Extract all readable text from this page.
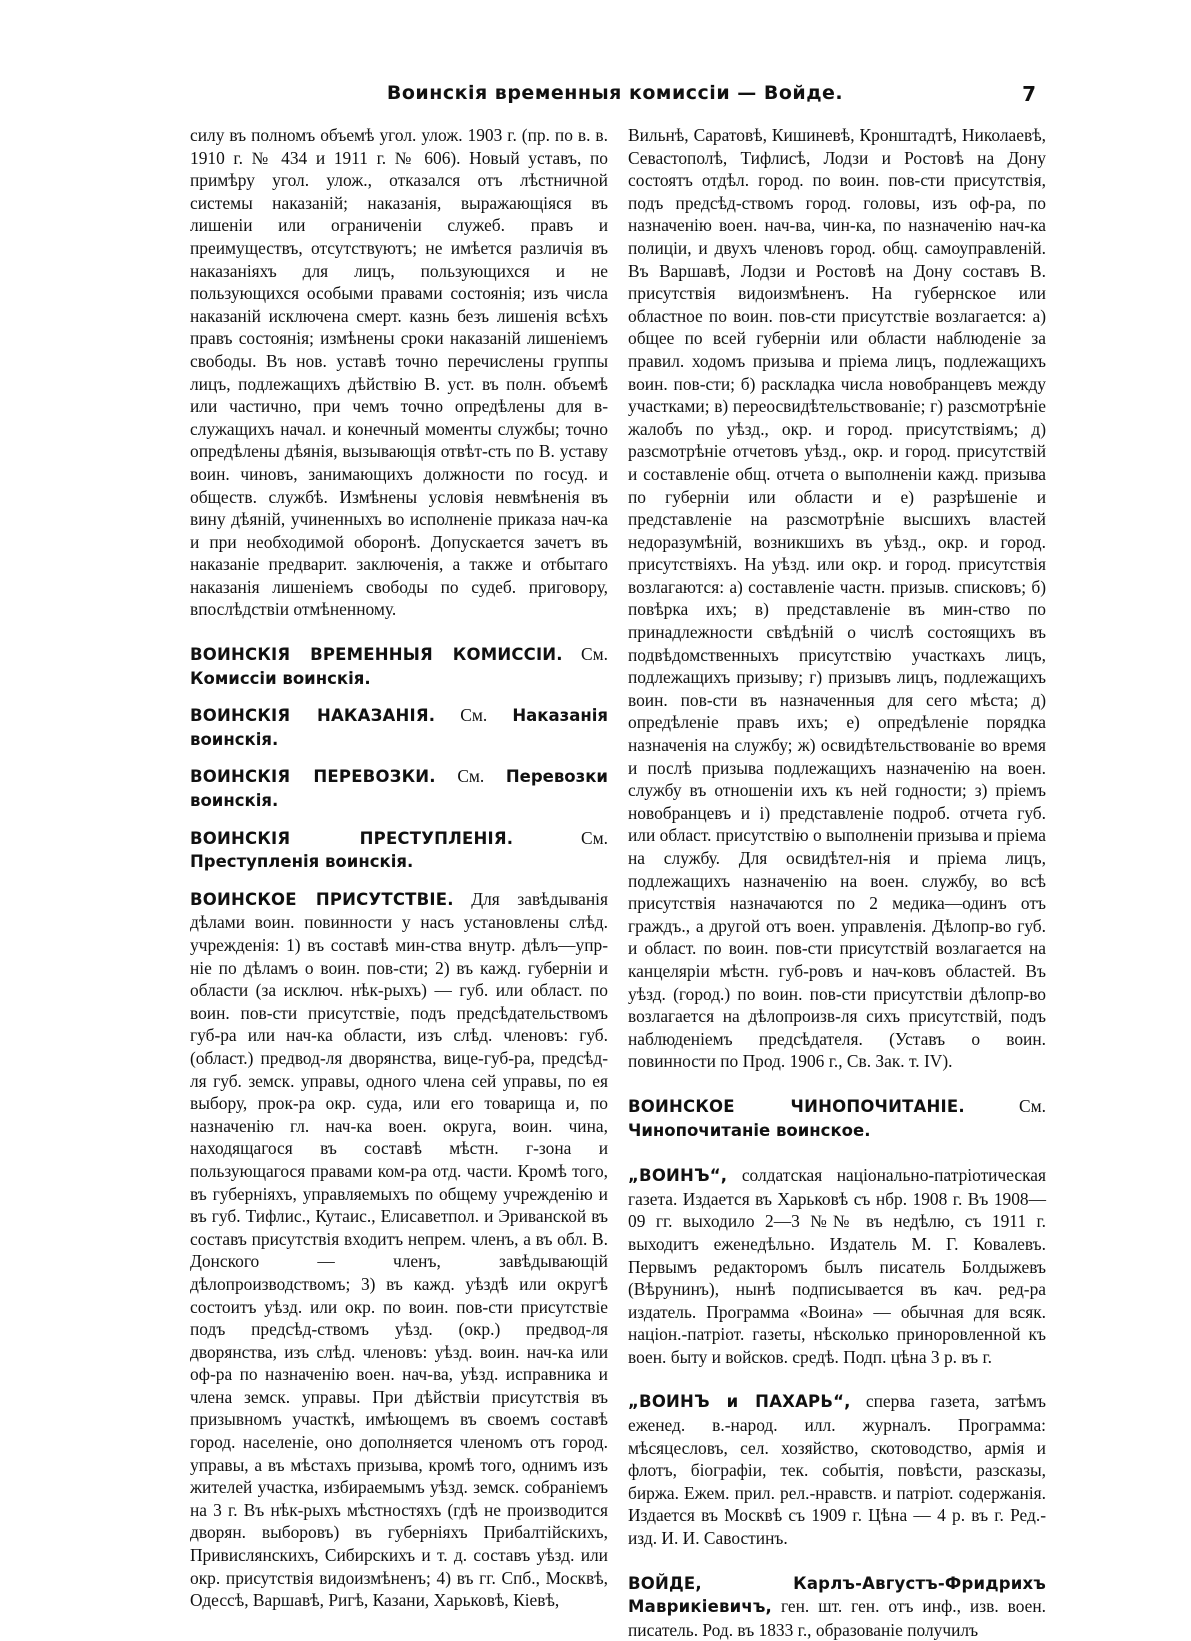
Воинскія временныя комиссіи — Войде.	7

силу въ полномъ объемѣ угол. улож. 1903 г. (пр. по в. в. 1910 г. № 434 и 1911 г. № 606). Новый уставъ, по примѣру угол. улож., отказался отъ лѣстничной системы наказаній; наказанія, выражающіяся въ лишеніи или ограниченіи служеб. правъ и преимуществъ, отсутствуютъ; не имѣется различія въ наказаніяхъ для лицъ, пользующихся и не пользующихся особыми правами состоянія; изъ числа наказаній исключена смерт. казнь безъ лишенія всѣхъ правъ состоянія; измѣнены сроки наказаній лишеніемъ свободы. Въ нов. уставѣ точно перечислены группы лицъ, подлежащихъ дѣйствію В. уст. въ полн. объемѣ или частично, при чемъ точно опредѣлены для в-служащихъ начал. и конечный моменты службы; точно опредѣлены дѣянія, вызывающія отвѣт-сть по В. уставу воин. чиновъ, занимающихъ должности по госуд. и обществ. службѣ. Измѣнены условія невмѣненія въ вину дѣяній, учиненныхъ во исполненіе приказа нач-ка и при необходимой оборонѣ. Допускается зачетъ въ наказаніе предварит. заключенія, а также и отбытаго наказанія лишеніемъ свободы по судеб. приговору, впослѣдствіи отмѣненному.

ВОИНСКІЯ ВРЕМЕННЫЯ КОМИССІИ. См. Комиссіи воинскія.

ВОИНСКІЯ НАКАЗАНІЯ. См. Наказанія воинскія.

ВОИНСКІЯ ПЕРЕВОЗКИ. См. Перевозки воинскія.

ВОИНСКІЯ ПРЕСТУПЛЕНІЯ.	См. Преступленія воинскія.

ВОИНСКОЕ ПРИСУТСТВІЕ. Для завѣдыванія дѣлами воин. повинности у насъ установлены слѣд. учрежденія: 1) въ составѣ мин-ства внутр. дѣлъ—упр-ніе по дѣламъ о воин. пов-сти; 2) въ кажд. губерніи и области (за исключ. нѣк-рыхъ) — губ. или област. по воин. пов-сти присутствіе, подъ предсѣдательствомъ губ-ра или нач-ка области, изъ слѣд. членовъ: губ. (област.) предвод-ля дворянства, вице-губ-ра, предсѣд-ля губ. земск. управы, одного члена сей управы, по ея выбору, прок-ра окр. суда, или его товарища и, по назначенію гл. нач-ка воен. округа, воин. чина, находящагося въ составѣ мѣстн. г-зона и пользующагося правами ком-ра отд. части. Кромѣ того, въ губерніяхъ, управляемыхъ по общему учрежденію и въ губ. Тифлис., Кутаис., Елисаветпол. и Эриванской въ составъ присутствія входитъ непрем. членъ, а въ обл. В. Донского — членъ, завѣдывающій дѣлопроизводствомъ; 3) въ кажд. уѣздѣ или округѣ состоитъ уѣзд. или окр. по воин. пов-сти присутствіе подъ предсѣд-ствомъ уѣзд. (окр.) предвод-ля дворянства, изъ слѣд. членовъ: уѣзд. воин. нач-ка или оф-ра по назначенію воен. нач-ва, уѣзд. исправника и члена земск. управы. При дѣйствіи присутствія въ призывномъ участкѣ, имѣющемъ въ своемъ составѣ город. населеніе, оно дополняется членомъ отъ город. управы, а въ мѣстахъ призыва, кромѣ того, однимъ изъ жителей участка, избираемымъ уѣзд. земск. собраніемъ на 3 г. Въ нѣк-рыхъ мѣстностяхъ (гдѣ не производится дворян. выборовъ) въ губерніяхъ Прибалтійскихъ, Привислянскихъ, Сибирскихъ и т. д. составъ уѣзд. или окр. присутствія видоизмѣненъ; 4) въ гг. Спб., Москвѣ, Одессѣ, Варшавѣ, Ригѣ, Казани, Харьковѣ, Кіевѣ,

Вильнѣ, Саратовѣ, Кишиневѣ, Кронштадтѣ, Николаевѣ, Севастополѣ, Тифлисѣ, Лодзи и Ростовѣ на Дону состоятъ отдѣл. город. по воин. пов-сти присутствія, подъ предсѣд-ствомъ город. головы, изъ оф-ра, по назначенію воен. нач-ва, чин-ка, по назначенію нач-ка полиціи, и двухъ членовъ город. общ. самоуправленій. Въ Варшавѣ, Лодзи и Ростовѣ на Дону составъ В. присутствія видоизмѣненъ. На губернское или областное по воин. пов-сти присутствіе возлагается: а) общее по всей губерніи или области наблюденіе за правил. ходомъ призыва и пріема лицъ, подлежащихъ воин. пов-сти; б) раскладка числа новобранцевъ между участками; в) переосвидѣтельствованіе; г) разсмотрѣніе жалобъ по уѣзд., окр. и город. присутствіямъ; д) разсмотрѣніе отчетовъ уѣзд., окр. и город. присутствій и составленіе общ. отчета о выполненіи кажд. призыва по губерніи или области и е) разрѣшеніе и представленіе на разсмотрѣніе высшихъ властей недоразумѣній, возникшихъ въ уѣзд., окр. и город. присутствіяхъ. На уѣзд. или окр. и город. присутствія возлагаются: а) составленіе частн. призыв. списковъ; б) повѣрка ихъ; в) представленіе въ мин-ство по принадлежности свѣдѣній о числѣ состоящихъ въ подвѣдомственныхъ присутствію участкахъ лицъ, подлежащихъ призыву; г) призывъ лицъ, подлежащихъ воин. пов-сти въ назначенныя для сего мѣста; д) опредѣленіе правъ ихъ; е) опредѣленіе порядка назначенія на службу; ж) освидѣтельствованіе во время и послѣ призыва подлежащихъ назначенію на воен. службу въ отношеніи ихъ къ ней годности; з) пріемъ новобранцевъ и і) представленіе подроб. отчета губ. или област. присутствію о выполненіи призыва и пріема на службу. Для освидѣтел-нія и пріема лицъ, подлежащихъ назначенію на воен. службу, во всѣ присутствія назначаются по 2 медика—одинъ отъ граждъ., а другой отъ воен. управленія. Дѣлопр-во губ. и област. по воин. пов-сти присутствій возлагается на канцеляріи мѣстн. губ-ровъ и нач-ковъ областей. Въ уѣзд. (город.) по воин. пов-сти присутствіи дѣлопр-во возлагается на дѣлопроизв-ля сихъ присутствій, подъ наблюденіемъ предсѣдателя. (Уставъ о воин. повинности по Прод. 1906 г., Св. Зак. т. IV).

ВОИНСКОЕ ЧИНОПОЧИТАНІЕ.	См. Чинопочитаніе воинское.

„ВОИНЪ“, солдатская національно-патріотическая газета. Издается въ Харьковѣ съ нбр. 1908 г. Въ 1908—09 гг. выходило 2—3 №№ въ недѣлю, съ 1911 г. выходитъ еженедѣльно. Издатель М. Г. Ковалевъ. Первымъ редакторомъ былъ писатель Болдыжевъ (Вѣрунинъ), нынѣ подписывается въ кач. ред-ра издатель. Программа «Воина» — обычная для всяк. націон.-патріот. газеты, нѣсколько приноровленной къ воен. быту и войсков. средѣ. Подп. цѣна 3 р. въ г.

„ВОИНЪ и ПАХАРЬ“, сперва газета, затѣмъ еженед. в.-народ. илл. журналъ. Программа: мѣсяцесловъ, сел. хозяйство, скотоводство, армія и флотъ, біографіи, тек. событія, повѣсти, разсказы, биржа. Ежем. прил. рел.-нравств. и патріот. содержанія. Издается въ Москвѣ съ 1909 г. Цѣна — 4 р. въ г. Ред.-изд. И. И. Савостинъ.

ВОЙДЕ, Карлъ-Августъ-Фридрихъ Маврикіевичъ, ген. шт. ген. отъ инф., изв. воен. писатель. Род. въ 1833 г., образованіе получилъ
